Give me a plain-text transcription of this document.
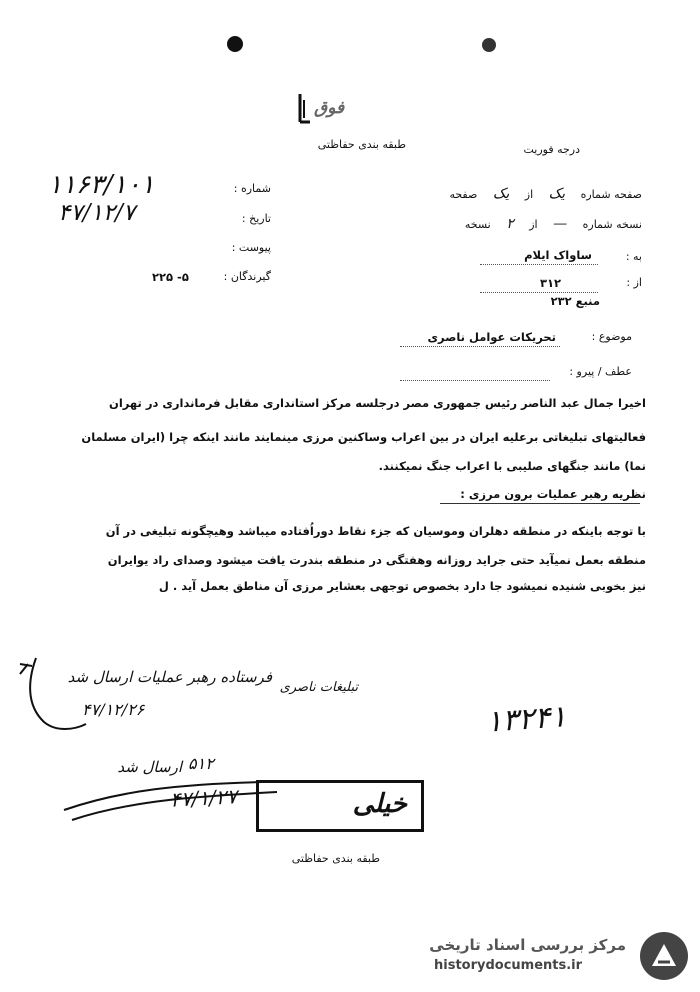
فوق
طبقه بندی حفاظتی	درجه فوریت
۱۱۶۳/۱۰۱	شماره :
۴۷/۱۲/۷	تاریخ :
پیوست :
۲۲۵ -۵	گیرندگان :
صفحه شماره یک از یک صفحه
نسخه شماره — از ۲ نسخه
به :
ساواک ایلام
از :
۳۱۲
منبع ۲۳۲
موضوع :
تحریکات عوامل ناصری
عطف / پیرو :
اخیرا جمال عبد الناصر رئیس جمهوری مصر درجلسه مرکز استانداری مقابل فرمانداری در تهران
فعالیتهای تبلیغاتی برعلیه ایران در بین اعراب وساکنین مرزی مینمایند مانند اینکه چرا (ایران مسلمان
نما) مانند جنگهای صلیبی با اعراب جنگ نمیکنند.
نظریه رهبر عملیات برون مرزی :
با توجه باینکه در منطقه دهلران وموسیان که جزء نقاط دوراُفتاده میباشد وهیچگونه تبلیغی در آن
منطقه بعمل نمیآید حتی جراید روزانه وهفتگی در منطقه بندرت یافت میشود وصدای راد یوایران
نیز بخوبی شنیده نمیشود جا دارد بخصوص توجهی بعشایر مرزی آن مناطق بعمل آید . ل
فرستاده رهبر عملیات ارسال شد
۴۷/۱۲/۲۶
تبلیغات ناصری
۱۳۲۴۱
۵۱۲
ارسال شد
۴۷/۱/۲۷	خیلی
طبقه بندی حفاظتی
مرکز بررسی اسناد تاریخی
historydocuments.ir
